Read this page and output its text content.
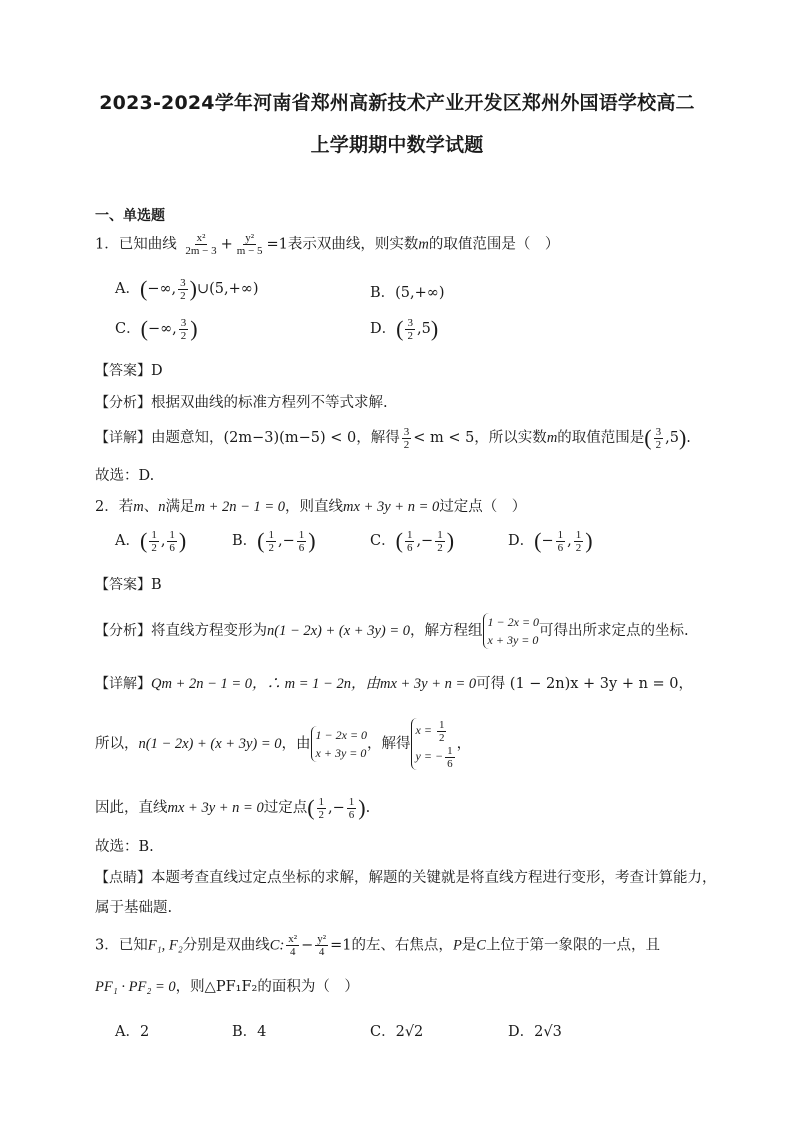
2023-2024学年河南省郑州高新技术产业开发区郑州外国语学校高二
上学期期中数学试题
一、单选题
1．已知曲线 $\frac{\text{x²}}{2m - 3} + \frac{\text{y²}}{m - 5} =1$表示双曲线，则实数m的取值范围是（　）
A．(−∞, $\frac{3}{2}$ )∪(5,+∞)	B．(5,+∞)
C．(−∞, $\frac{3}{2}$ )	D．( $\frac{3}{2} ,5$)
【答案】D
【分析】根据双曲线的标准方程列不等式求解.
【详解】由题意知，(2m−3)(m−5) < 0，解得 $\frac{3}{2} < m < 5$，所以实数m的取值范围是( $\frac{3}{2} ,5$).
故选：D.
2．若m、n满足m + 2n − 1 = 0，则直线mx + 3y + n = 0过定点（　）
A．( $\frac{1}{2}$ , $\frac{1}{6}$ )	B．( $\frac{1}{2}$ ,− $\frac{1}{6}$ )	C．( $\frac{1}{6}$ ,− $\frac{1}{2}$ )	D．(− $\frac{1}{6}$ , $\frac{1}{2}$ )
【答案】B
【分析】将直线方程变形为n(1 − 2x) + (x + 3y) = 0，解方程组1 − 2x = 0
x + 3y = 0可得出所求定点的坐标.
【详解】Qm + 2n − 1 = 0，∴ m = 1 − 2n，由mx + 3y + n = 0可得 (1 − 2n)x + 3y + n = 0，
所以，n(1 − 2x) + (x + 3y) = 0，由1 − 2x = 0
x + 3y = 0，解得$x = \frac{1}{2}$

y = − $\frac{1}{6}$
，
因此，直线mx + 3y + n = 0过定点( $\frac{1}{2}$ ,− $\frac{1}{6}$ ).
故选：B.
【点睛】本题考查直线过定点坐标的求解，解题的关键就是将直线方程进行变形，考查计算能力，
属于基础题.
3．已知F₁, F₂分别是双曲线C: $\frac{\text{x²}}{4} - \frac{\text{y²}}{4} =1$的左、右焦点，P是C上位于第一象限的一点，且
PF₁ · PF₂ = 0，则△PF₁F₂的面积为（　）
A．2	B．4	C．2√2	D．2√3
